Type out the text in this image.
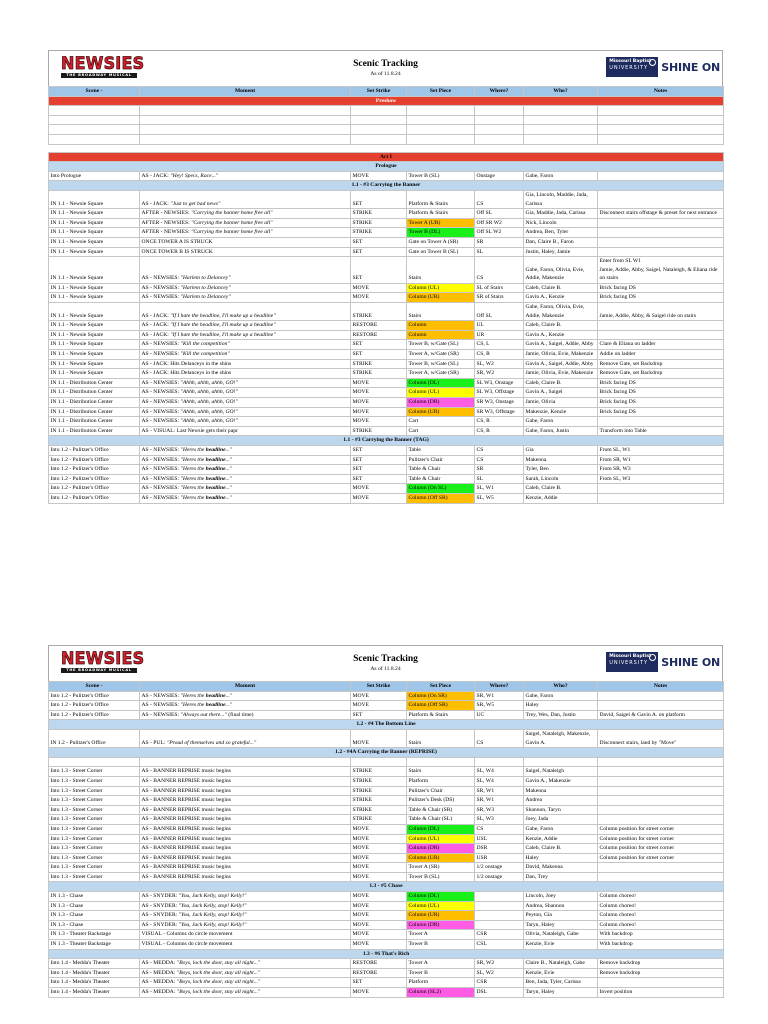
NEWSIES
THE BROADWAY MUSICAL
Scenic Tracking
As of 11.8.24
Missouri Baptist
UNIVERSITY	SHINE ON
Scene -	Moment	Set Strike	Set Piece	Where?	Who?	Notes
Preshow						

Act I						
Prologue						
Into Prologue	AS - JACK: "Hey! Specs, Race..."	MOVE	Tower B (SL)	Onstage	Gabe, Faron	
1.1 - #3 Carrying the Banner						
IN 1.1 - Newsie Square	AS - JACK: "Just to get bad news"	SET	Platform & Stairs	CS	Gia, Lincoln, Maddie, Jada, Carissa	
IN 1.1 - Newsie Square	AFTER - NEWSIES: "Carrying the banner home free all"	STRIKE	Platform & Stairs	Off SL	Gia, Maddie, Jada, Carissa	Disconnect stairs offstage & preset for next entrance
IN 1.1 - Newsie Square	AFTER - NEWSIES: "Carrying the banner home free all"	STRIKE	Tower A (UR)	Off SR W2	Nick, Lincoln	
IN 1.1 - Newsie Square	AFTER - NEWSIES: "Carrying the banner home free all"	STRIKE	Tower B (DL)	Off SL W2	Andrea, Ben, Tyler	
IN 1.1 - Newsie Square	ONCE TOWER A IS STRUCK	SET	Gate on Tower A (SR)	SR	Dan, Claire B., Faron	
IN 1.1 - Newsie Square	ONCE TOWER B IS STRUCK	SET	Gate on Tower B (SL)	SL	Justin, Haley, Jamie	
IN 1.1 - Newsie Square	AS - NEWSIES: "Harlem to Delancey"	SET	Stairs	CS	Gabe, Faron, Olivia, Evie, Addie, Makenzie	Enter from SL W1
Jamie, Addie, Abby, Saigel, Nataleigh, & Eliana ride on stairs
IN 1.1 - Newsie Square	AS - NEWSIES: "Harlem to Delancey"	MOVE	Column (UL)	SL of Stairs	Caleb, Claire B.	Brick facing DS
IN 1.1 - Newsie Square	AS - NEWSIES: "Harlem to Delancey"	MOVE	Column (UR)	SR of Stairs	Gavin A., Kenzie	Brick facing DS
IN 1.1 - Newsie Square	AS - JACK: "If I hate the headline, I'll make up a headline"	STRIKE	Stairs	Off SL	Gabe, Faron, Olivia, Evie, Addie, Makenzie	Jamie, Addie, Abby, & Saigel ride on stairs
IN 1.1 - Newsie Square	AS - JACK: "If I hate the headline, I'll make up a headline"	RESTORE	Column	UL	Caleb, Claire B.	
IN 1.1 - Newsie Square	AS - JACK: "If I hate the headline, I'll make up a headline"	RESTORE	Column	UR	Gavin A., Kenzie	
IN 1.1 - Newsie Square	AS - NEWSIES: "Kill the competition"	SET	Tower B, w/Gate (SL)	CS, L	Gavin A., Saigel, Addie, Abby	Clare & Eliana on ladder
IN 1.1 - Newsie Square	AS - NEWSIES: "Kill the competition"	SET	Tower A, w/Gate (SR)	CS, R	Jamie, Olivia, Evie, Makenzie	Addie on ladder
IN 1.1 - Newsie Square	AS - JACK: Hits Delanceys in the shins	STRIKE	Tower B, w/Gate (SL)	SL, W2	Gavin A., Saigel, Addie, Abby	Remove Gate, set Backdrop
IN 1.1 - Newsie Square	AS - JACK: Hits Delanceys in the shins	STRIKE	Tower A, w/Gate (SR)	SR, W2	Jamie, Olivia, Evie, Makenzie	Remove Gate, set Backdrop
IN 1.1 - Distribution Center	AS - NEWSIES: "Ahhh, ahhh, ahhh, GO!"	MOVE	Column (DL)	SL W3, Onstage	Caleb, Claire B.	Brick facing DS
IN 1.1 - Distribution Center	AS - NEWSIES: "Ahhh, ahhh, ahhh, GO!"	MOVE	Column (UL)	SL W3, Offstage	Gavin A., Saigel	Brick facing DS
IN 1.1 - Distribution Center	AS - NEWSIES: "Ahhh, ahhh, ahhh, GO!"	MOVE	Column (DR)	SR W3, Onstage	Jamie, Olivia	Brick facing DS
IN 1.1 - Distribution Center	AS - NEWSIES: "Ahhh, ahhh, ahhh, GO!"	MOVE	Column (UR)	SR W3, Offstage	Makenzie, Kenzie	Brick facing DS
IN 1.1 - Distribution Center	AS - NEWSIES: "Ahhh, ahhh, ahhh, GO!"	MOVE	Cart	CS, R	Gabe, Faron	
IN 1.1 - Distribution Center	AS - VISUAL: Last Newsie gets their papr	STRIKE	Cart	CS, R	Gabe, Faron, Justin	Transform into Table
1.1 - #3 Carrying the Banner (TAG)						
Into 1.2 - Pulitzer's Office	AS - NEWSIES: "Heres the headline..."	SET	Table	CS	Gia	From SL, W1
Into 1.2 - Pulitzer's Office	AS - NEWSIES: "Heres the headline..."	SET	Pulitzer's Chair	CS	Makenna	From SR, W1
Into 1.2 - Pulitzer's Office	AS - NEWSIES: "Heres the headline..."	SET	Table & Chair	SR	Tyler, Ben	From SR, W3
Into 1.2 - Pulitzer's Office	AS - NEWSIES: "Heres the headline..."	SET	Table & Chair	SL	Sarah, Lincoln	From SL, W3
Into 1.2 - Pulitzer's Office	AS - NEWSIES: "Heres the headline..."	MOVE	Column (On SL)	SL, W1	Caleb, Claire B.	
Into 1.2 - Pulitzer's Office	AS - NEWSIES: "Heres the headline..."	MOVE	Column (Off SR)	SL, W5	Kenzie, Addie	
NEWSIES
THE BROADWAY MUSICAL
Scenic Tracking
As of 11.8.24
Missouri Baptist
UNIVERSITY	SHINE ON
Scene -	Moment	Set Strike	Set Piece	Where?	Who?	Notes
Into 1.2 - Pulitzer's Office	AS - NEWSIES: "Heres the headline..."	MOVE	Column (On SR)	SR, W1	Gabe, Faron	
Into 1.2 - Pulitzer's Office	AS - NEWSIES: "Heres the headline..."	MOVE	Column (Off SR)	SR, W5	Haley	
Into 1.2 - Pulitzer's Office	AS - NEWSIES: "Always out there..." (final time)	SET	Platform & Stairs	UC	Trey, Wes, Dan, Justin	David, Saigel & Gavin A. on platform
1.2 - #4 The Bottom Line						
IN 1.2 - Pulitzer's Office	AS - PUL: "Proud of themselves and so grateful..."	MOVE	Stairs	CS	Saigel, Nataleigh, Makenzie, Gavin A.	Disconnect stairs, land by "Move"
1.2 - #4A Carrying the Banner (REPRISE)						

Into 1.3 - Street Corner	AS - BANNER REPRISE music begins	STRIKE	Stairs	SL, W4	Saigel, Nataleigh	
Into 1.3 - Street Corner	AS - BANNER REPRISE music begins	STRIKE	Platform	SL, W4	Gavin A., Makenzie	
Into 1.3 - Street Corner	AS - BANNER REPRISE music begins	STRIKE	Pulitzer's Chair	SR, W1	Makenna	
Into 1.3 - Street Corner	AS - BANNER REPRISE music begins	STRIKE	Pulitzer's Desk (DS)	SR, W1	Andrea	
Into 1.3 - Street Corner	AS - BANNER REPRISE music begins	STRIKE	Table & Chair (SR)	SR, W3	Shannon, Taryn	
Into 1.3 - Street Corner	AS - BANNER REPRISE music begins	STRIKE	Table & Chair (SL)	SL, W3	Joey, Jada	
Into 1.3 - Street Corner	AS - BANNER REPRISE music begins	MOVE	Column (DL)	CS	Gabe, Faron	Column position for street corner
Into 1.3 - Street Corner	AS - BANNER REPRISE music begins	MOVE	Column (UL)	USL	Kenzie, Addie	Column position for street corner
Into 1.3 - Street Corner	AS - BANNER REPRISE music begins	MOVE	Column (DR)	DSR	Caleb, Claire B.	Column position for street corner
Into 1.3 - Street Corner	AS - BANNER REPRISE music begins	MOVE	Column (UR)	USR	Haley	Column position for street corner
Into 1.3 - Street Corner	AS - BANNER REPRISE music begins	MOVE	Tower A (SR)	1/2 onstage	David, Makenna	
Into 1.3 - Street Corner	AS - BANNER REPRISE music begins	MOVE	Tower B (SL)	1/2 onstage	Dan, Trey	
1.3 - #5 Chase						
IN 1.3 - Chase	AS - SNYDER: "You, Jack Kelly, stop! Kelly!"	MOVE	Column (DL)		Lincoln, Joey	Column choreo!
IN 1.3 - Chase	AS - SNYDER: "You, Jack Kelly, stop! Kelly!"	MOVE	Column (UL)		Andrea, Shannon	Column choreo!
IN 1.3 - Chase	AS - SNYDER: "You, Jack Kelly, stop! Kelly!"	MOVE	Column (UR)		Peyton, Gia	Column choreo!
IN 1.3 - Chase	AS - SNYDER: "You, Jack Kelly, stop! Kelly!"	MOVE	Column (DR)		Taryn, Haley	Column choreo!
IN 1.3 - Theater Backstage	VISUAL - Columns do circle movement	MOVE	Tower A	CSR	Olivia, Nataleigh, Gabe	With backdrop
IN 1.3 - Theater Backstage	VISUAL - Columns do circle movement	MOVE	Tower B	CSL	Kenzie, Evie	With backdrop
1.3 - #6 That's Rich						
Into 1.4 - Medda's Theater	AS - MEDDA: "Boys, lock the door, stay all night..."	RESTORE	Tower A	SR, W2	Claire B., Nataleigh, Gabe	Remove backdrop
Into 1.4 - Medda's Theater	AS - MEDDA: "Boys, lock the door, stay all night..."	RESTORE	Tower B	SL, W2	Kenzie, Evie	Remove backdrop
Into 1.4 - Medda's Theater	AS - MEDDA: "Boys, lock the door, stay all night..."	SET	Platform	CSR	Ben, Jada, Tyler, Carissa	
Into 1.4 - Medda's Theater	AS - MEDDA: "Boys, lock the door, stay all night..."	MOVE	Column (SL2)	DSL	Taryn, Haley	Invert position
